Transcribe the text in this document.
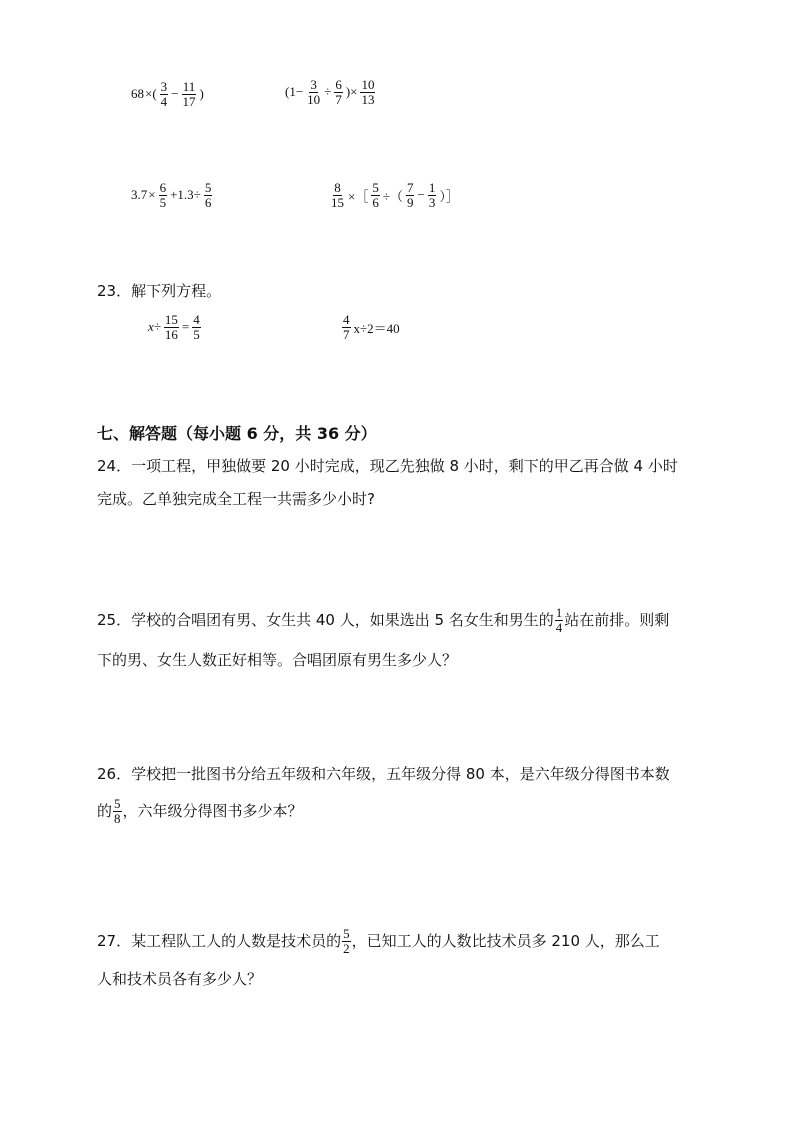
68 ×( $\frac{3}{4} - \frac{11}{17}$ )	($1- \frac{3}{10} \div \frac{6}{7}$ )× $\frac{10}{13}$
$3.7 \times \frac{6}{5} +1.3\div \frac{5}{6}$	$\frac{8}{15}$ ×［ $\frac{5}{6}$ ÷（ $\frac{7}{9} - \frac{1}{3}$ ）］
23．解下列方程。
$x\div \frac{15}{16} = \frac{4}{5}$	$\frac{4}{7} x\div 2=40$
七、解答题（每小题 6 分，共 36 分）
24．一项工程，甲独做要 20 小时完成，现乙先独做 8 小时，剩下的甲乙再合做 4 小时
完成。乙单独完成全工程一共需多少小时?
25．学校的合唱团有男、女生共 40 人，如果选出 5 名女生和男生的 $\frac{1}{4}$ 站在前排。则剩
下的男、女生人数正好相等。合唱团原有男生多少人？
26．学校把一批图书分给五年级和六年级，五年级分得 80 本，是六年级分得图书本数
的 $\frac{5}{8}$ ，六年级分得图书多少本？
27．某工程队工人的人数是技术员的 $\frac{5}{2}$ ，已知工人的人数比技术员多 210 人，那么工
人和技术员各有多少人？
